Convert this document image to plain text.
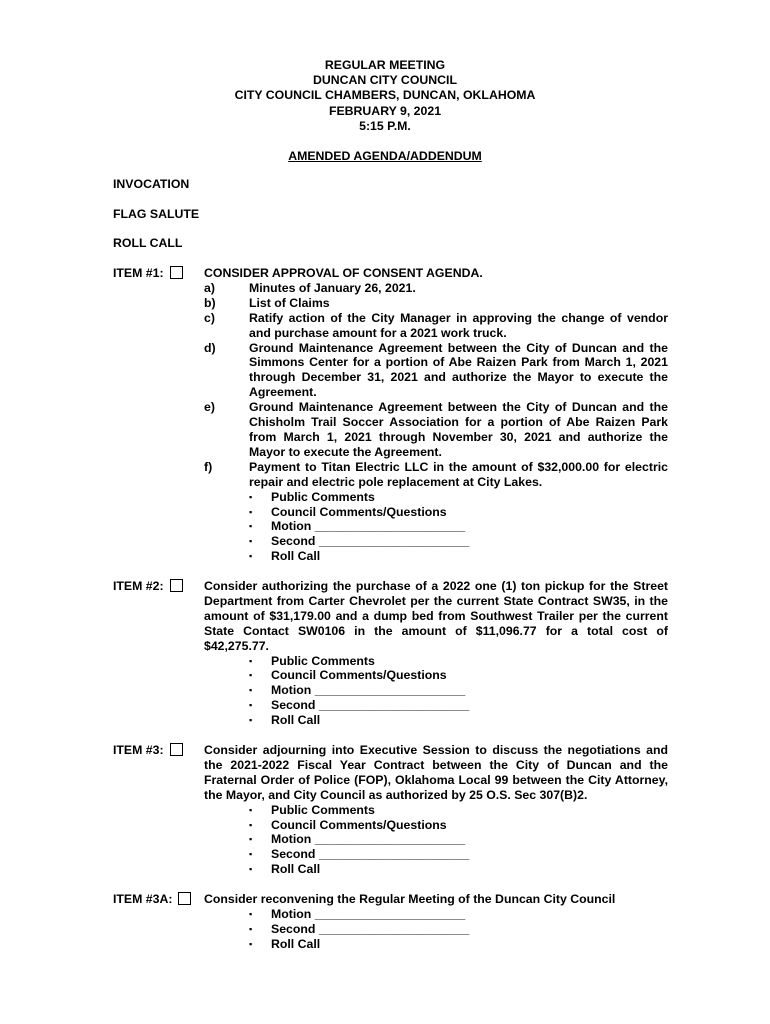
REGULAR MEETING
DUNCAN CITY COUNCIL
CITY COUNCIL CHAMBERS, DUNCAN, OKLAHOMA
FEBRUARY 9, 2021
5:15 P.M.
AMENDED AGENDA/ADDENDUM
INVOCATION
FLAG SALUTE
ROLL CALL
ITEM #1:	CONSIDER APPROVAL OF CONSENT AGENDA.
a)	Minutes of January 26, 2021.
b)	List of Claims
c)	Ratify action of the City Manager in approving the change of vendor and purchase amount for a 2021 work truck.
d)	Ground Maintenance Agreement between the City of Duncan and the Simmons Center for a portion of Abe Raizen Park from March 1, 2021 through December 31, 2021 and authorize the Mayor to execute the Agreement.
e)	Ground Maintenance Agreement between the City of Duncan and the Chisholm Trail Soccer Association for a portion of Abe Raizen Park from March 1, 2021 through November 30, 2021 and authorize the Mayor to execute the Agreement.
f)	Payment to Titan Electric LLC in the amount of $32,000.00 for electric repair and electric pole replacement at City Lakes.
▪	Public Comments
▪	Council Comments/Questions
▪	Motion ______________________
▪	Second ______________________
▪	Roll Call
ITEM #2:	Consider authorizing the purchase of a 2022 one (1) ton pickup for the Street Department from Carter Chevrolet per the current State Contract SW35, in the amount of $31,179.00 and a dump bed from Southwest Trailer per the current State Contact SW0106 in the amount of $11,096.77 for a total cost of $42,275.77.
▪	Public Comments
▪	Council Comments/Questions
▪	Motion ______________________
▪	Second ______________________
▪	Roll Call
ITEM #3:	Consider adjourning into Executive Session to discuss the negotiations and the 2021-2022 Fiscal Year Contract between the City of Duncan and the Fraternal Order of Police (FOP), Oklahoma Local 99 between the City Attorney, the Mayor, and City Council as authorized by 25 O.S. Sec 307(B)2.
▪	Public Comments
▪	Council Comments/Questions
▪	Motion ______________________
▪	Second ______________________
▪	Roll Call
ITEM #3A:	Consider reconvening the Regular Meeting of the Duncan City Council
▪	Motion ______________________
▪	Second ______________________
▪	Roll Call
